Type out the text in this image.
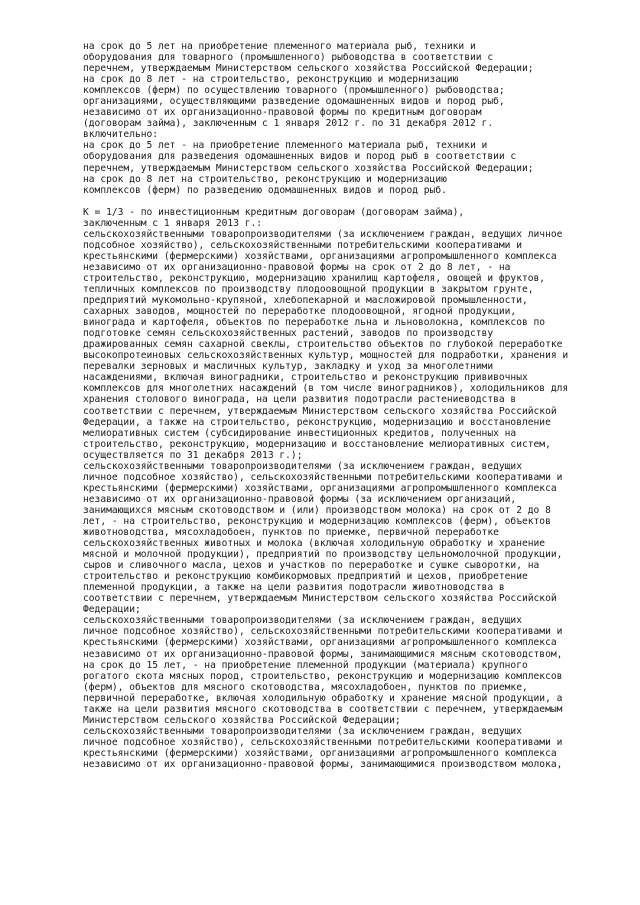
на срок до 5 лет на приобретение племенного материала рыб, техники и
оборудования для товарного (промышленного) рыбоводства в соответствии с
перечнем, утверждаемым Министерством сельского хозяйства Российской Федерации;

на срок до 8 лет - на строительство, реконструкцию и модернизацию
комплексов (ферм) по осуществлению товарного (промышленного) рыбоводства;

организациями, осуществляющими разведение одомашненных видов и пород рыб,
независимо от их организационно-правовой формы по кредитным договорам
(договорам займа), заключенным с 1 января 2012 г. по 31 декабря 2012 г.
включительно:

на срок до 5 лет - на приобретение племенного материала рыб, техники и
оборудования для разведения одомашненных видов и пород рыб в соответствии с
перечнем, утверждаемым Министерством сельского хозяйства Российской Федерации;

на срок до 8 лет на строительство, реконструкцию и модернизацию
комплексов (ферм) по разведению одомашненных видов и пород рыб.

К = 1/3 - по инвестиционным кредитным договорам (договорам займа),
заключенным с 1 января 2013 г.:

сельскохозяйственными товаропроизводителями (за исключением граждан, ведущих личное
подсобное хозяйство), сельскохозяйственными потребительскими кооперативами и
крестьянскими (фермерскими) хозяйствами, организациями агропромышленного комплекса
независимо от их организационно-правовой формы на срок от 2 до 8 лет, - на
строительство, реконструкцию, модернизацию хранилищ картофеля, овощей и фруктов,
тепличных комплексов по производству плодоовощной продукции в закрытом грунте,
предприятий мукомольно-крупяной, хлебопекарной и масложировой промышленности,
сахарных заводов, мощностей по переработке плодоовощной, ягодной продукции,
винограда и картофеля, объектов по переработке льна и льноволокна, комплексов по
подготовке семян сельскохозяйственных растений, заводов по производству
дражированных семян сахарной свеклы, строительство объектов по глубокой переработке
высокопротеиновых сельскохозяйственных культур, мощностей для подработки, хранения и
перевалки зерновых и масличных культур, закладку и уход за многолетними
насаждениями, включая виноградники, строительство и реконструкцию прививочных
комплексов для многолетних насаждений (в том числе виноградников), холодильников для
хранения столового винограда, на цели развития подотрасли растениеводства в
соответствии с перечнем, утверждаемым Министерством сельского хозяйства Российской
Федерации, а также на строительство, реконструкцию, модернизацию и восстановление
мелиоративных систем (субсидирование инвестиционных кредитов, полученных на
строительство, реконструкцию, модернизацию и восстановление мелиоративных систем,
осуществляется по 31 декабря 2013 г.);

сельскохозяйственными товаропроизводителями (за исключением граждан, ведущих
личное подсобное хозяйство), сельскохозяйственными потребительскими кооперативами и
крестьянскими (фермерскими) хозяйствами, организациями агропромышленного комплекса
независимо от их организационно-правовой формы (за исключением организаций,
занимающихся мясным скотоводством и (или) производством молока) на срок от 2 до 8
лет, - на строительство, реконструкцию и модернизацию комплексов (ферм), объектов
животноводства, мясохладобоен, пунктов по приемке, первичной переработке
сельскохозяйственных животных и молока (включая холодильную обработку и хранение
мясной и молочной продукции), предприятий по производству цельномолочной продукции,
сыров и сливочного масла, цехов и участков по переработке и сушке сыворотки, на
строительство и реконструкцию комбикормовых предприятий и цехов, приобретение
племенной продукции, а также на цели развития подотрасли животноводства в
соответствии с перечнем, утверждаемым Министерством сельского хозяйства Российской
Федерации;

сельскохозяйственными товаропроизводителями (за исключением граждан, ведущих
личное подсобное хозяйство), сельскохозяйственными потребительскими кооперативами и
крестьянскими (фермерскими) хозяйствами, организациями агропромышленного комплекса
независимо от их организационно-правовой формы, занимающимися мясным скотоводством,
на срок до 15 лет, - на приобретение племенной продукции (материала) крупного
рогатого скота мясных пород, строительство, реконструкцию и модернизацию комплексов
(ферм), объектов для мясного скотоводства, мясохладобоен, пунктов по приемке,
первичной переработке, включая холодильную обработку и хранение мясной продукции, а
также на цели развития мясного скотоводства в соответствии с перечнем, утверждаемым
Министерством сельского хозяйства Российской Федерации;

сельскохозяйственными товаропроизводителями (за исключением граждан, ведущих
личное подсобное хозяйство), сельскохозяйственными потребительскими кооперативами и
крестьянскими (фермерскими) хозяйствами, организациями агропромышленного комплекса
независимо от их организационно-правовой формы, занимающимися производством молока,
